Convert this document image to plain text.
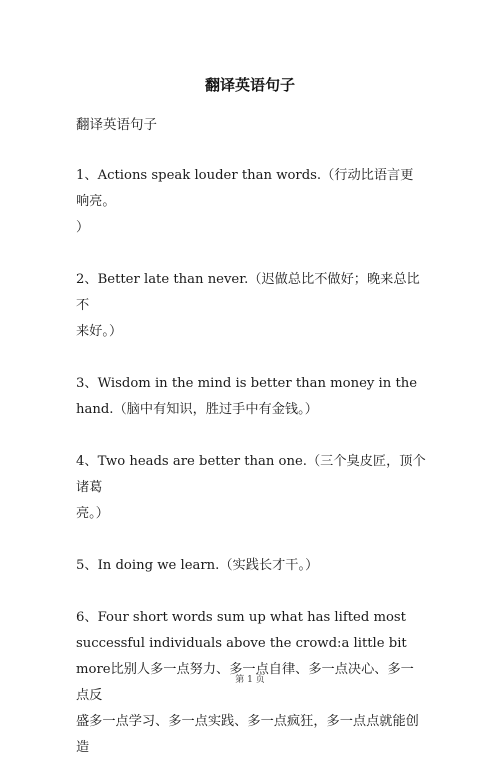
翻译英语句子
翻译英语句子

1、Actions speak louder than words.（行动比语言更响亮。
）

2、Better late than never.（迟做总比不做好；晚来总比不
来好。）

3、Wisdom in the mind is better than money in the
hand.（脑中有知识，胜过手中有金钱。）

4、Two heads are better than one.（三个臭皮匠，顶个诸葛
亮。）

5、In doing we learn.（实践长才干。）

6、Four short words sum up what has lifted most
successful individuals above the crowd:a little bit
more比别人多一点努力、多一点自律、多一点决心、多一点反
盛多一点学习、多一点实践、多一点疯狂，多一点点就能创造

第 1 页
